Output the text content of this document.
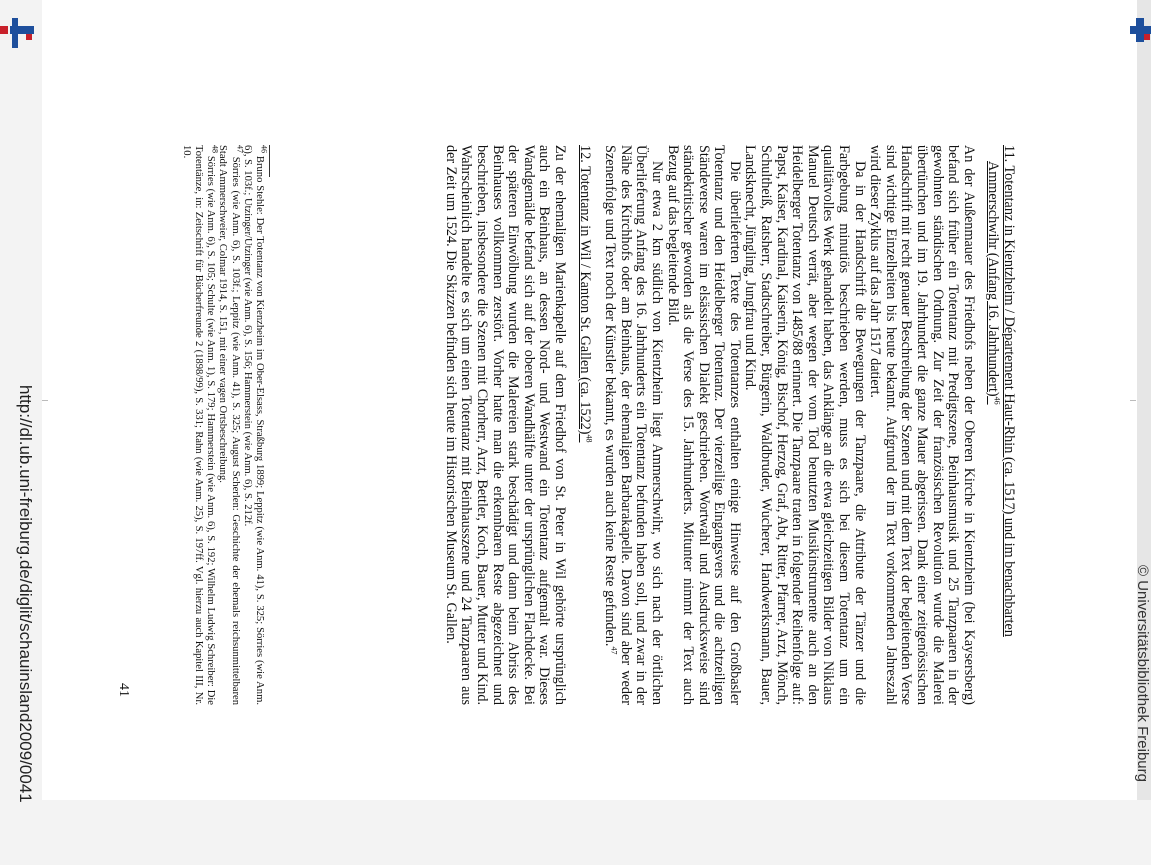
http://dl.ub.uni-freiburg.de/diglit/schauinsland2009/0041	© Universitätsbibliothek Freiburg
11. Totentanz in Kientzheim / Département Haut-Rhin (ca. 1517) und im benachbarten
Ammerschwihr (Anfang 16. Jahrhundert)$^{46}$

An der Außenmauer des Friedhofs neben der Oberen Kirche in Kientzheim (bei Kaysersberg) befand sich früher ein Totentanz mit Predigtszene, Beinhausmusik und 25 Tanzpaaren in der gewohnten ständischen Ordnung. Zur Zeit der französischen Revolution wurde die Malerei übertünchen und im 19. Jahrhundert die ganze Mauer abgerissen. Dank einer zeitgenössischen Handschrift mit recht genauer Beschreibung der Szenen und mit dem Text der begleitenden Verse sind wichtige Einzelheiten bis heute bekannt. Aufgrund der im Text vorkommenden Jahreszahl wird dieser Zyklus auf das Jahr 1517 datiert.

Da in der Handschrift die Bewegungen der Tanzpaare, die Attribute der Tänzer und die Farbgebung minutiös beschrieben werden, muss es sich bei diesem Totentanz um ein qualitätvolles Werk gehandelt haben, das Anklänge an die etwa gleichzeitigen Bilder von Niklaus Manuel Deutsch verrät, aber wegen der vom Tod benutzten Musikinstrumente auch an den Heidelberger Totentanz von 1485/88 erinnert. Die Tanzpaare traten in folgender Reihenfolge auf: Papst, Kaiser, Kardinal, Kaiserin, König, Bischof, Herzog, Graf, Abt, Ritter, Pfarrer, Arzt, Mönch, Schultheiß, Ratsherr, Stadtschreiber, Bürgerin, Waldbruder, Wucherer, Handwerksmann, Bauer, Landsknecht, Jüngling, Jungfrau und Kind.

Die überlieferten Texte des Totentanzes enthalten einige Hinweise auf den Großbasler Totentanz und den Heidelberger Totentanz. Der vierzeilige Eingangsvers und die achtzeiligen Ständeverse waren im elsässischen Dialekt geschrieben. Wortwahl und Ausdrucksweise sind ständekritischer geworden als die Verse des 15. Jahrhunderts. Mitunter nimmt der Text auch Bezug auf das begleitende Bild.

Nur etwa 2 km südlich von Kientzheim liegt Ammerschwihr, wo sich nach der örtlichen Überlieferung Anfang des 16. Jahrhunderts ein Totentanz befunden haben soll, und zwar in der Nähe des Kirchhofs oder am Beinhaus, der ehemaligen Barbarakapelle. Davon sind aber weder Szenenfolge und Text noch der Künstler bekannt, es wurden auch keine Reste gefunden.$^{47}$

12. Totentanz in Wil / Kanton St. Gallen (ca. 1522)$^{48}$

Zu der ehemaligen Marienkapelle auf dem Friedhof von St. Peter in Wil gehörte ursprünglich auch ein Beinhaus, an dessen Nord- und Westwand ein Totentanz aufgemalt war. Dieses Wandgemälde befand sich auf der oberen Wandhälfte unter der ursprünglichen Flachdecke. Bei der späteren Einwölbung wurden die Malereien stark beschädigt und dann beim Abriss des Beinhauses vollkommen zerstört. Vorher hatte man die erkennbaren Reste abgezeichnet und beschrieben, insbesondere die Szenen mit Chorherr, Arzt, Bettler, Koch, Bauer, Mutter und Kind. Wahrscheinlich handelte es sich um einen Totentanz mit Beinhausszene und 24 Tanzpaaren aus der Zeit um 1524. Die Skizzen befinden sich heute im Historischen Museum St. Gallen.

$^{46}$ Bruno Stehle: Der Totentanz von Kienzheim im Ober-Elsass, Straßburg 1899; Leppitz (wie Anm. 41), S. 325; Sörries (wie Anm. 6), S. 103f.; Utzinger/Utzinger (wie Anm. 6), S. 156; Hammerstein (wie Anm. 6), S. 212f.

$^{47}$ Sörries (wie Anm. 6), S. 103f.; Leppitz (wie Anm. 41), S. 325; August Scherlen: Geschichte der ehemals reichsunmittelbaren Stadt Ammerschweier, Colmar 1914, S. 151, mit einer vagen Ortsbeschreibung.

$^{48}$ Sörries (wie Anm. 6), S. 105; Schulte (wie Anm. 1), S. 179; Hammerstein (wie Anm. 6), S. 192; Wilhelm Ludwig Schreiber: Die Totentänze, in: Zeitschrift für Bücherfreunde 2 (1898/99), S. 331; Rahn (wie Anm. 25), S. 197ff. Vgl. hierzu auch Kapitel III, Nr. 10.

41
